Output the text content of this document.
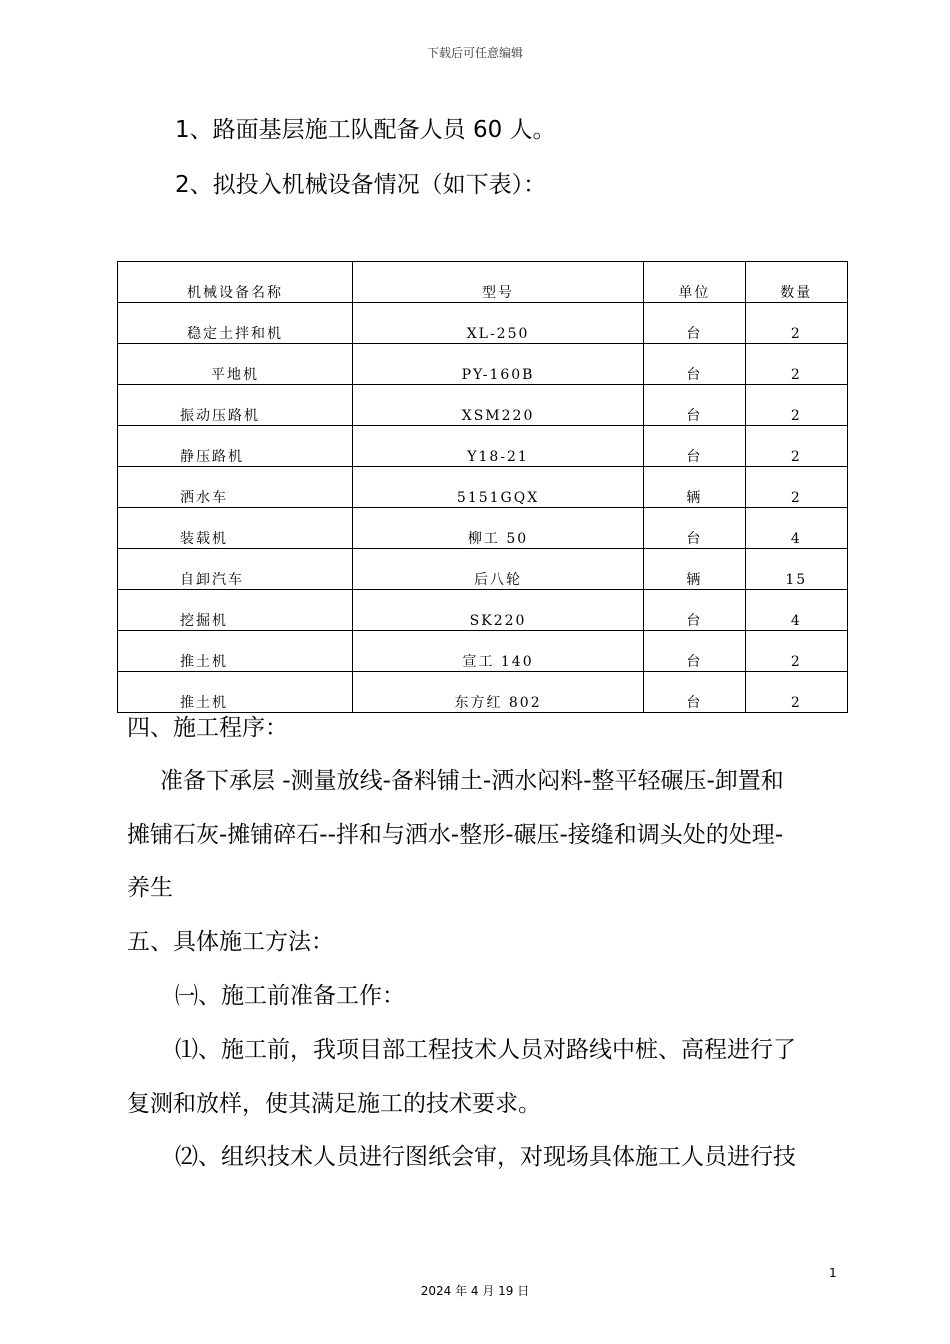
下载后可任意编辑
1、路面基层施工队配备人员 60 人。
2、拟投入机械设备情况（如下表）：
机械设备名称	型号	单位	数量

稳定土拌和机	XL-250	台	2

平地机	PY-160B	台	2

振动压路机	XSM220	台	2

静压路机	Y18-21	台	2

洒水车	5151GQX	辆	2

装载机	柳工 50	台	4

自卸汽车	后八轮	辆	15

挖掘机	SK220	台	4

推土机	宣工 140	台	2

推土机	东方红 802	台	2
四、施工程序：
准备下承层 -测量放线-备料铺土-洒水闷料-整平轻碾压-卸置和
摊铺石灰-摊铺碎石--拌和与洒水-整形-碾压-接缝和调头处的处理-
养生
五、具体施工方法：
㈠、施工前准备工作：
⑴、施工前，我项目部工程技术人员对路线中桩、高程进行了
复测和放样，使其满足施工的技术要求。
⑵、组织技术人员进行图纸会审，对现场具体施工人员进行技
1
2024 年 4 月 19 日
